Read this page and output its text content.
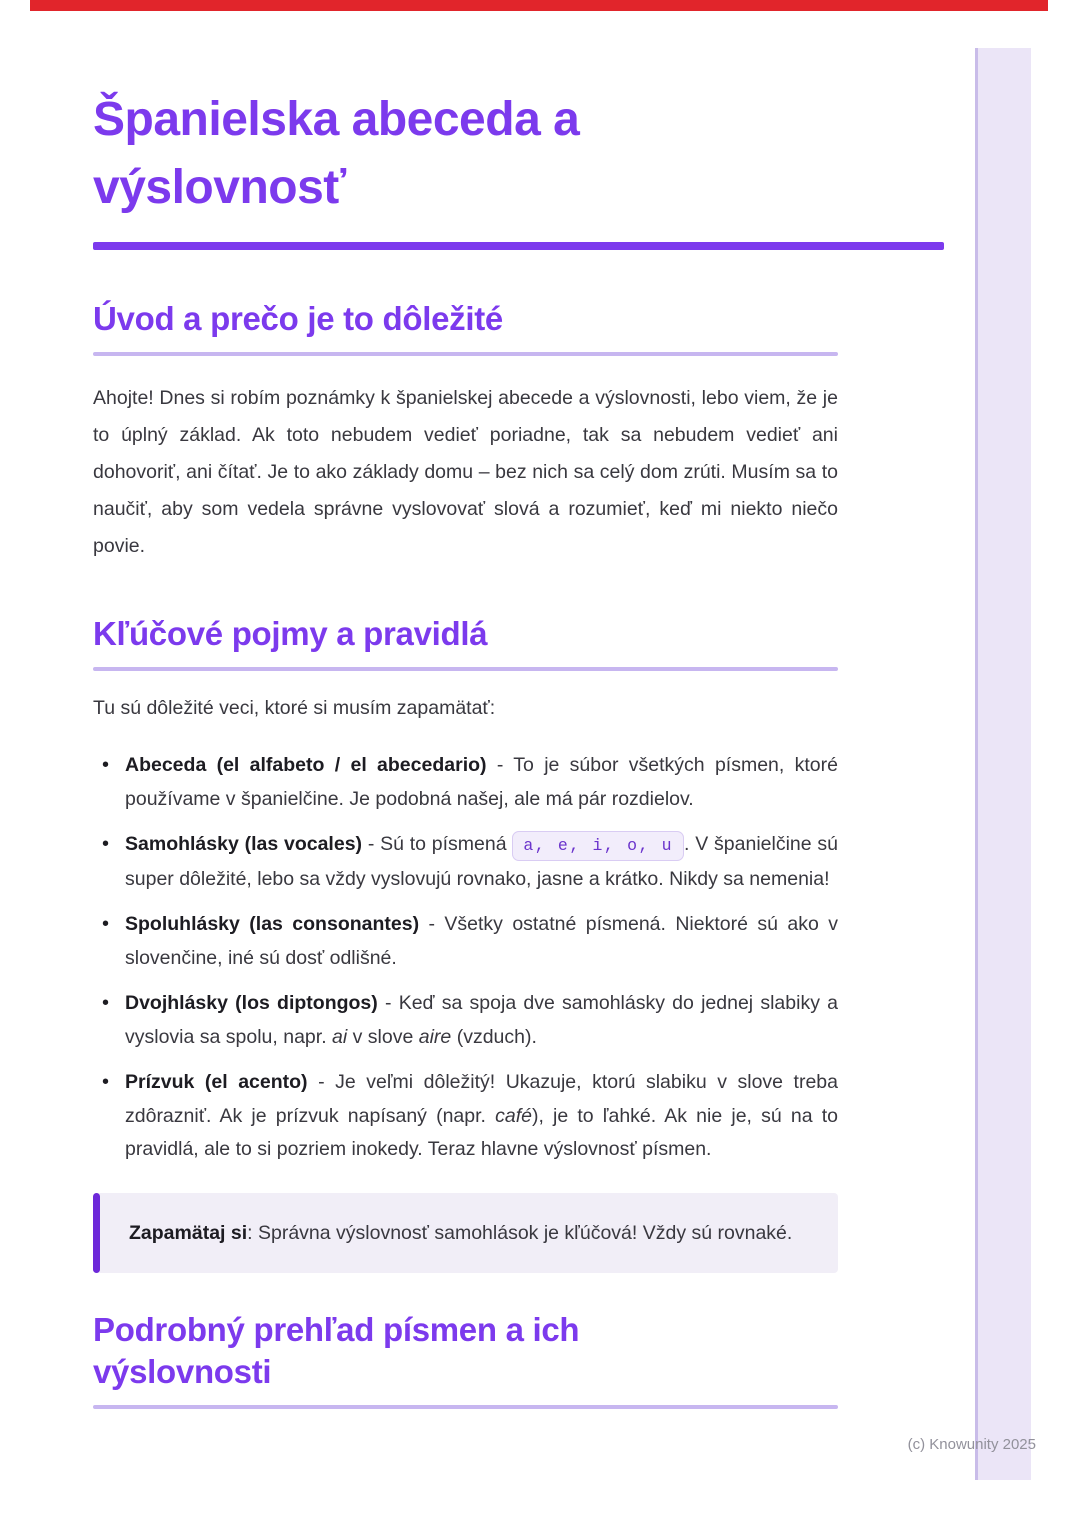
(c) Knowunity 2025
Španielska abeceda a výslovnosť
Úvod a prečo je to dôležité

Ahojte! Dnes si robím poznámky k španielskej abecede a výslovnosti, lebo viem, že je to úplný základ. Ak toto nebudem vedieť poriadne, tak sa nebudem vedieť ani dohovoriť, ani čítať. Je to ako základy domu – bez nich sa celý dom zrúti. Musím sa to naučiť, aby som vedela správne vyslovovať slová a rozumieť, keď mi niekto niečo povie.

Kľúčové pojmy a pravidlá

Tu sú dôležité veci, ktoré si musím zapamätať:

• Abeceda (el alfabeto / el abecedario) - To je súbor všetkých písmen, ktoré používame v španielčine. Je podobná našej, ale má pár rozdielov.
• Samohlásky (las vocales) - Sú to písmená a, e, i, o, u . V španielčine sú super dôležité, lebo sa vždy vyslovujú rovnako, jasne a krátko. Nikdy sa nemenia!
• Spoluhlásky (las consonantes) - Všetky ostatné písmená. Niektoré sú ako v slovenčine, iné sú dosť odlišné.
• Dvojhlásky (los diptongos) - Keď sa spoja dve samohlásky do jednej slabiky a vyslovia sa spolu, napr. ai v slove aire (vzduch).
• Prízvuk (el acento) - Je veľmi dôležitý! Ukazuje, ktorú slabiku v slove treba zdôrazniť. Ak je prízvuk napísaný (napr. café), je to ľahké. Ak nie je, sú na to pravidlá, ale to si pozriem inokedy. Teraz hlavne výslovnosť písmen.

Zapamätaj si: Správna výslovnosť samohlások je kľúčová! Vždy sú rovnaké.

Podrobný prehľad písmen a ich výslovnosti
